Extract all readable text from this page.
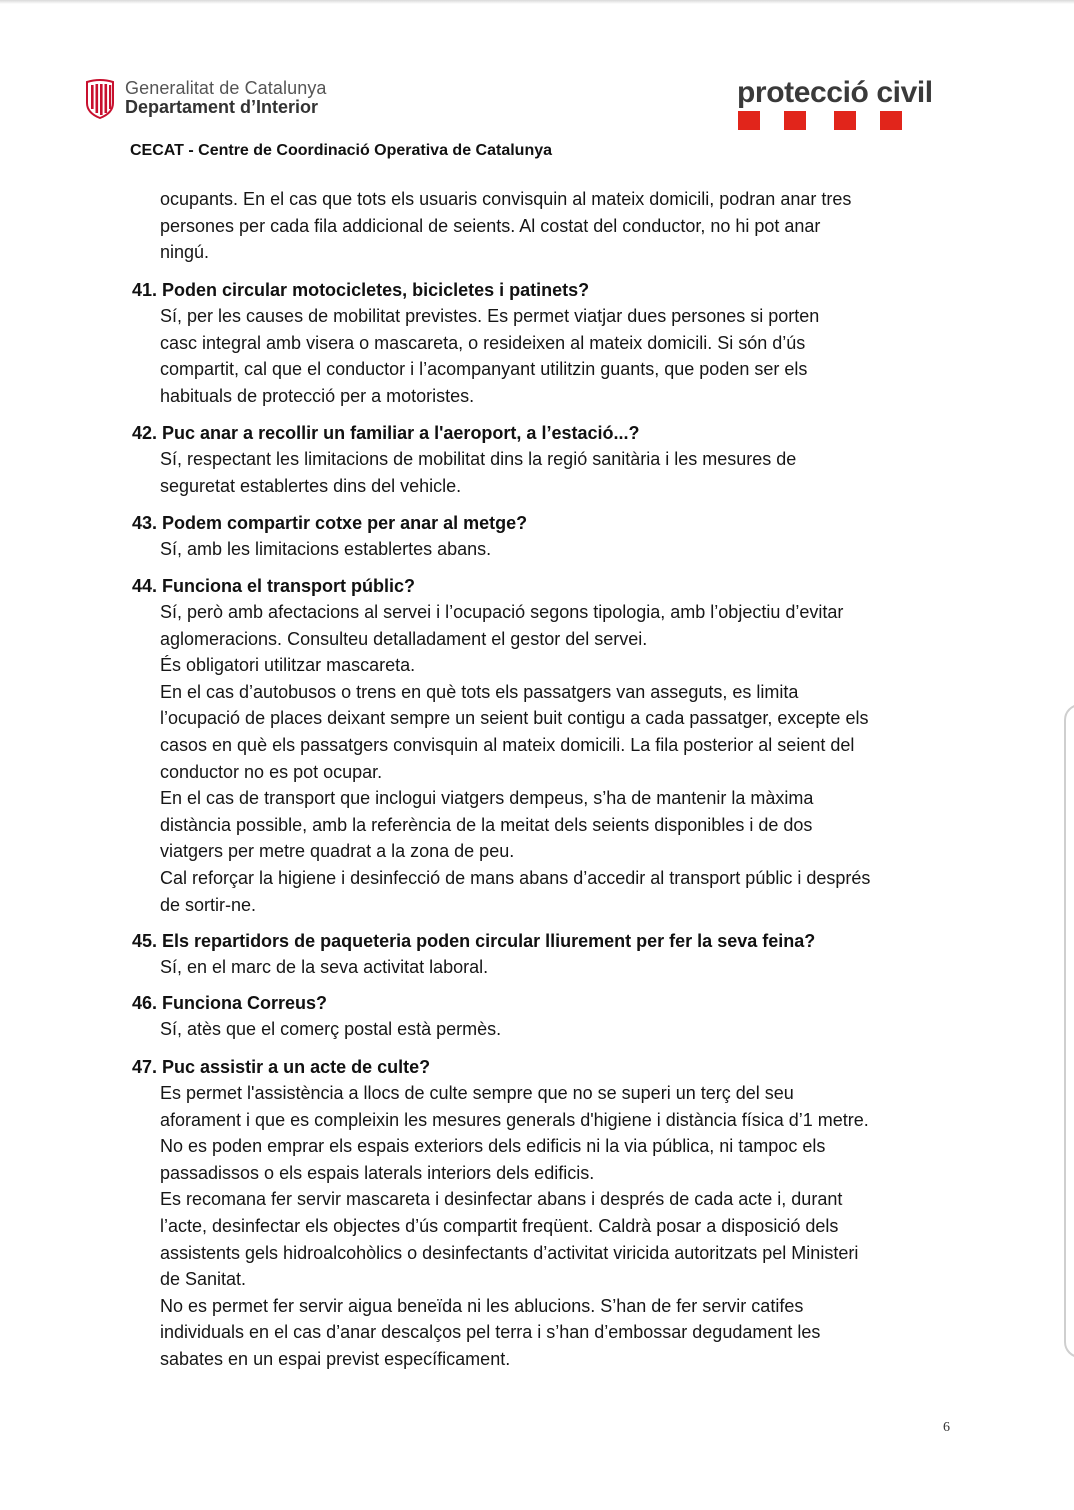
Generalitat de Catalunya
Departament d’Interior	protecció civil
CECAT - Centre de Coordinació Operativa de Catalunya
ocupants. En el cas que tots els usuaris convisquin al mateix domicili, podran anar tres
persones per cada fila addicional de seients. Al costat del conductor, no hi pot anar
ningú.
41. Poden circular motocicletes, bicicletes i patinets?
Sí, per les causes de mobilitat previstes. Es permet viatjar dues persones si porten
casc integral amb visera o mascareta, o resideixen al mateix domicili. Si són d’ús
compartit, cal que el conductor i l’acompanyant utilitzin guants, que poden ser els
habituals de protecció per a motoristes.
42. Puc anar a recollir un familiar a l'aeroport, a l’estació...?
Sí, respectant les limitacions de mobilitat dins la regió sanitària i les mesures de
seguretat establertes dins del vehicle.
43. Podem compartir cotxe per anar al metge?
Sí, amb les limitacions establertes abans.
44. Funciona el transport públic?
Sí, però amb afectacions al servei i l’ocupació segons tipologia, amb l’objectiu d’evitar
aglomeracions. Consulteu detalladament el gestor del servei.
És obligatori utilitzar mascareta.
En el cas d’autobusos o trens en què tots els passatgers van asseguts, es limita
l’ocupació de places deixant sempre un seient buit contigu a cada passatger, excepte els
casos en què els passatgers convisquin al mateix domicili. La fila posterior al seient del
conductor no es pot ocupar.
En el cas de transport que inclogui viatgers dempeus, s’ha de mantenir la màxima
distància possible, amb la referència de la meitat dels seients disponibles i de dos
viatgers per metre quadrat a la zona de peu.
Cal reforçar la higiene i desinfecció de mans abans d’accedir al transport públic i després
de sortir-ne.
45. Els repartidors de paqueteria poden circular lliurement per fer la seva feina?
Sí, en el marc de la seva activitat laboral.
46. Funciona Correus?
Sí, atès que el comerç postal està permès.
47. Puc assistir a un acte de culte?
Es permet l'assistència a llocs de culte sempre que no se superi un terç del seu
aforament i que es compleixin les mesures generals d'higiene i distància física d’1 metre.
No es poden emprar els espais exteriors dels edificis ni la via pública, ni tampoc els
passadissos o els espais laterals interiors dels edificis.
Es recomana fer servir mascareta i desinfectar abans i després de cada acte i, durant
l’acte, desinfectar els objectes d’ús compartit freqüent. Caldrà posar a disposició dels
assistents gels hidroalcohòlics o desinfectants d’activitat viricida autoritzats pel Ministeri
de Sanitat.
No es permet fer servir aigua beneïda ni les ablucions. S’han de fer servir catifes
individuals en el cas d’anar descalços pel terra i s’han d’embossar degudament les
sabates en un espai previst específicament.
6
